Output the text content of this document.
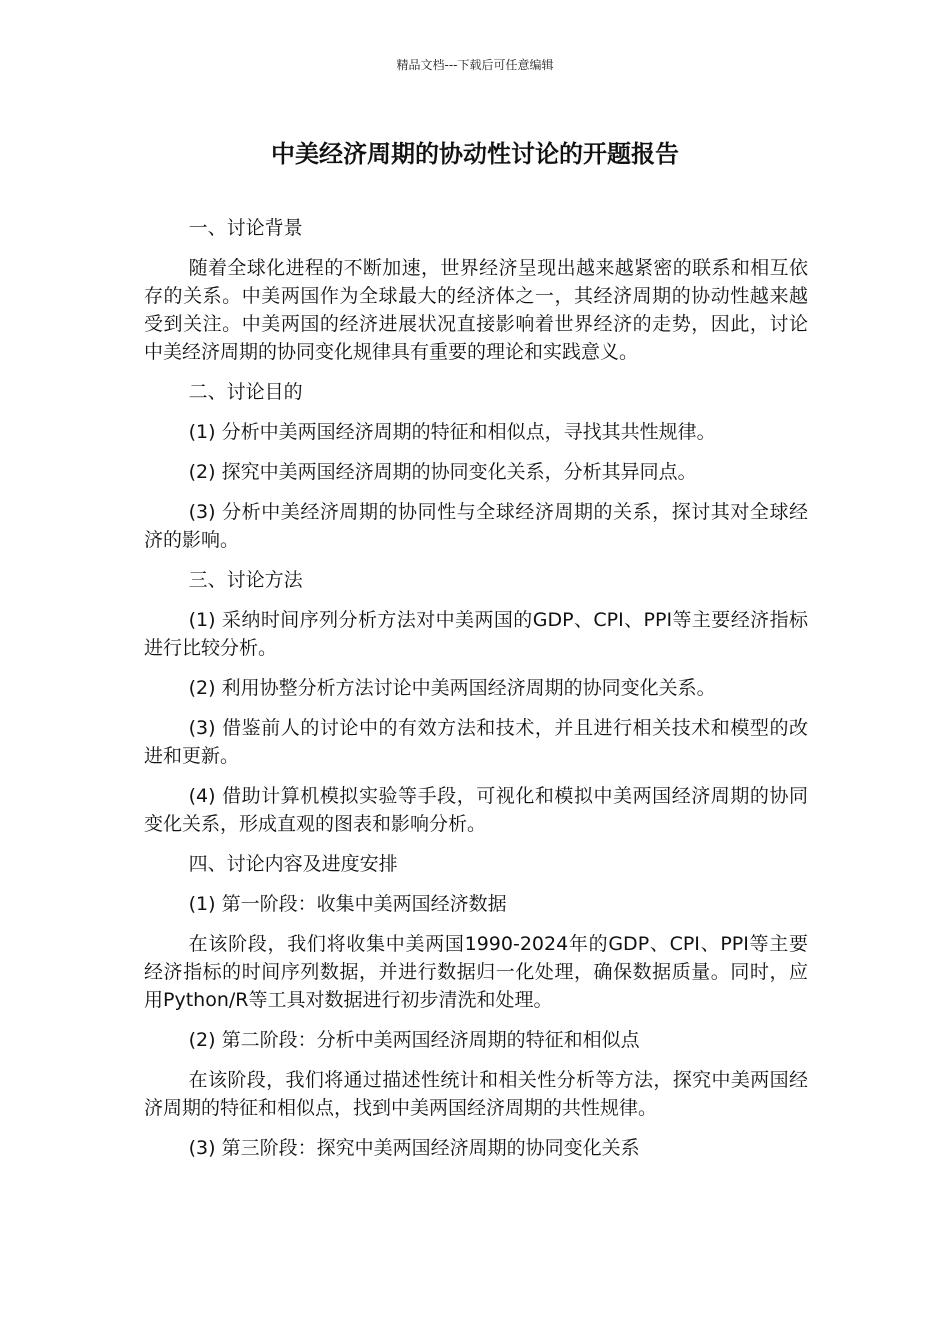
精品文档---下载后可任意编辑
中美经济周期的协动性讨论的开题报告

一、讨论背景

随着全球化进程的不断加速，世界经济呈现出越来越紧密的联系和相互依存的关系。中美两国作为全球最大的经济体之一，其经济周期的协动性越来越受到关注。中美两国的经济进展状况直接影响着世界经济的走势，因此，讨论中美经济周期的协同变化规律具有重要的理论和实践意义。

二、讨论目的

(1) 分析中美两国经济周期的特征和相似点，寻找其共性规律。

(2) 探究中美两国经济周期的协同变化关系，分析其异同点。

(3) 分析中美经济周期的协同性与全球经济周期的关系，探讨其对全球经济的影响。

三、讨论方法

(1) 采纳时间序列分析方法对中美两国的GDP、CPI、PPI等主要经济指标进行比较分析。

(2) 利用协整分析方法讨论中美两国经济周期的协同变化关系。

(3) 借鉴前人的讨论中的有效方法和技术，并且进行相关技术和模型的改进和更新。

(4) 借助计算机模拟实验等手段，可视化和模拟中美两国经济周期的协同变化关系，形成直观的图表和影响分析。

四、讨论内容及进度安排

(1) 第一阶段：收集中美两国经济数据

在该阶段，我们将收集中美两国1990-2024年的GDP、CPI、PPI等主要经济指标的时间序列数据，并进行数据归一化处理，确保数据质量。同时，应用Python/R等工具对数据进行初步清洗和处理。

(2) 第二阶段：分析中美两国经济周期的特征和相似点

在该阶段，我们将通过描述性统计和相关性分析等方法，探究中美两国经济周期的特征和相似点，找到中美两国经济周期的共性规律。

(3) 第三阶段：探究中美两国经济周期的协同变化关系
